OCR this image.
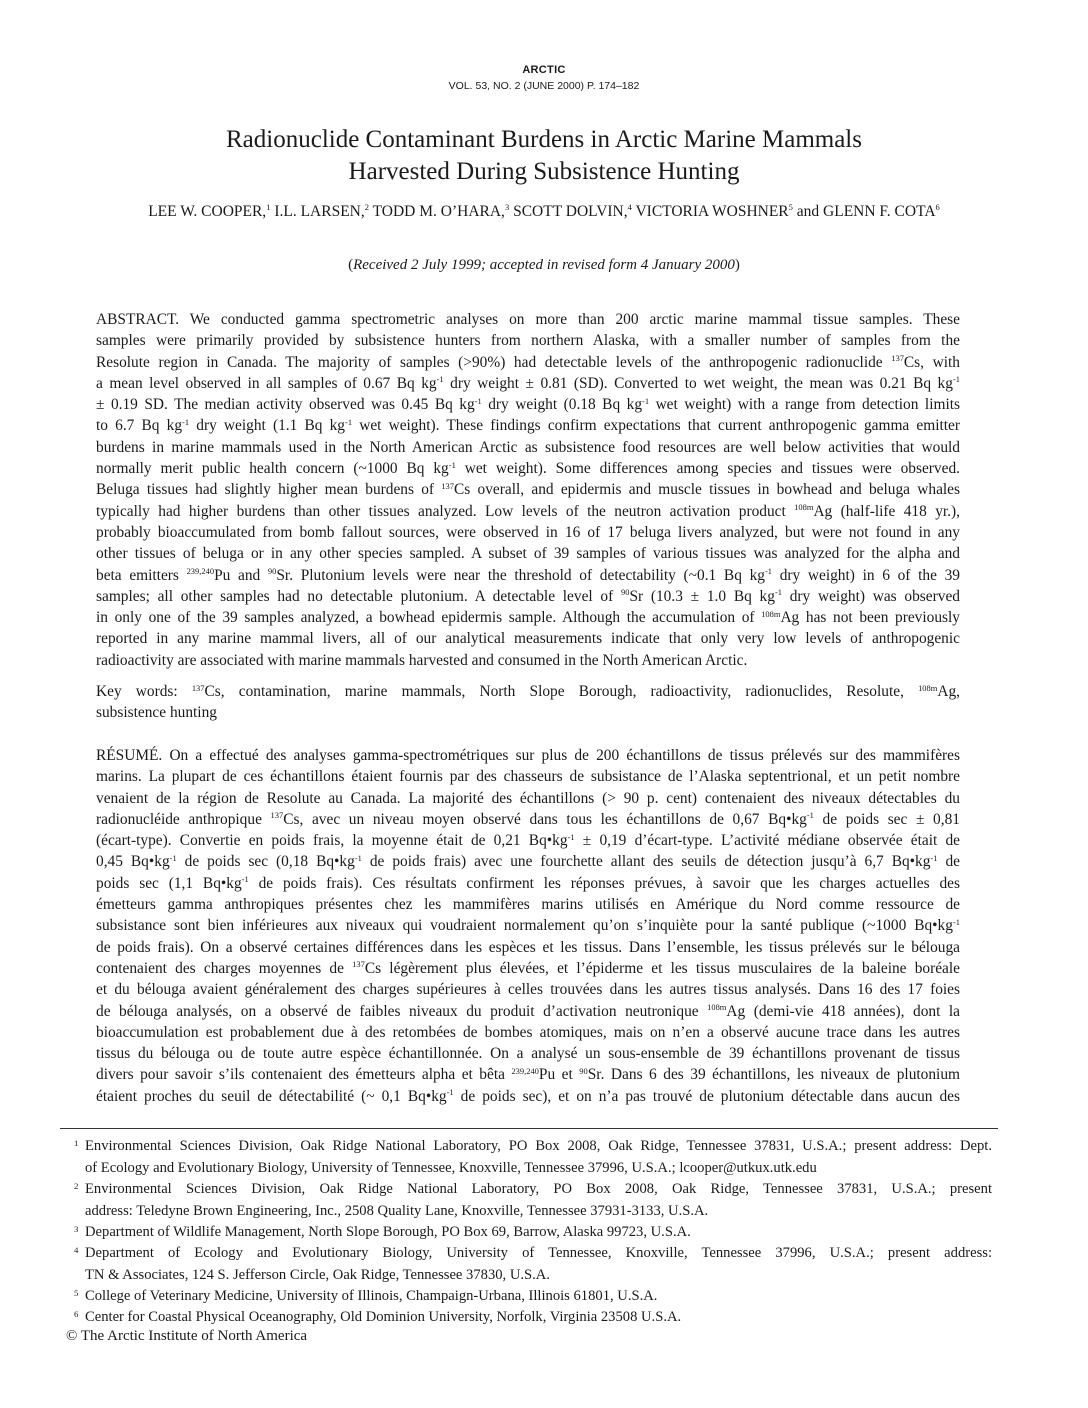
ARCTIC
VOL. 53, NO. 2 (JUNE 2000) P. 174–182
Radionuclide Contaminant Burdens in Arctic Marine Mammals
Harvested During Subsistence Hunting
LEE W. COOPER,$^1$ I.L. LARSEN,$^2$ TODD M. O’HARA,$^3$ SCOTT DOLVIN,$^4$ VICTORIA WOSHNER$^5$ and GLENN F. COTA$^6$
(Received 2 July 1999; accepted in revised form 4 January 2000)
ABSTRACT. We conducted gamma spectrometric analyses on more than 200 arctic marine mammal tissue samples. These
samples were primarily provided by subsistence hunters from northern Alaska, with a smaller number of samples from the
Resolute region in Canada. The majority of samples (>90%) had detectable levels of the anthropogenic radionuclide $^{137}$Cs, with
a mean level observed in all samples of 0.67 Bq $kg^{-1}$ dry weight ± 0.81 (SD). Converted to wet weight, the mean was 0.21 Bq $kg^{-1}$
± 0.19 SD. The median activity observed was 0.45 Bq $kg^{-1}$ dry weight (0.18 Bq $kg^{-1}$ wet weight) with a range from detection limits
to 6.7 Bq $kg^{-1}$ dry weight (1.1 Bq $kg^{-1}$ wet weight). These findings confirm expectations that current anthropogenic gamma emitter
burdens in marine mammals used in the North American Arctic as subsistence food resources are well below activities that would
normally merit public health concern (~1000 Bq $kg^{-1}$ wet weight). Some differences among species and tissues were observed.
Beluga tissues had slightly higher mean burdens of $^{137}$Cs overall, and epidermis and muscle tissues in bowhead and beluga whales
typically had higher burdens than other tissues analyzed. Low levels of the neutron activation product $^{108m}$Ag (half-life 418 yr.),
probably bioaccumulated from bomb fallout sources, were observed in 16 of 17 beluga livers analyzed, but were not found in any
other tissues of beluga or in any other species sampled. A subset of 39 samples of various tissues was analyzed for the alpha and
beta emitters $^{239,240}$Pu and $^{90}$Sr. Plutonium levels were near the threshold of detectability (~0.1 Bq $kg^{-1}$ dry weight) in 6 of the 39
samples; all other samples had no detectable plutonium. A detectable level of $^{90}$Sr (10.3 ± 1.0 Bq $kg^{-1}$ dry weight) was observed
in only one of the 39 samples analyzed, a bowhead epidermis sample. Although the accumulation of $^{108m}$Ag has not been previously
reported in any marine mammal livers, all of our analytical measurements indicate that only very low levels of anthropogenic
radioactivity are associated with marine mammals harvested and consumed in the North American Arctic.
Key words: $^{137}$Cs, contamination, marine mammals, North Slope Borough, radioactivity, radionuclides, Resolute, $^{108m}$Ag,
subsistence hunting
RÉSUMÉ. On a effectué des analyses gamma-spectrométriques sur plus de 200 échantillons de tissus prélevés sur des mammifères
marins. La plupart de ces échantillons étaient fournis par des chasseurs de subsistance de l’Alaska septentrional, et un petit nombre
venaient de la région de Resolute au Canada. La majorité des échantillons (> 90 p. cent) contenaient des niveaux détectables du
radionucléide anthropique $^{137}$Cs, avec un niveau moyen observé dans tous les échantillons de 0,67 $Bq•kg^{-1}$ de poids sec ± 0,81
(écart-type). Convertie en poids frais, la moyenne était de 0,21 $Bq•kg^{-1} \pm 0,19$ d’écart-type. L’activité médiane observée était de
0,45 $Bq•kg^{-1}$ de poids sec (0,18 $Bq•kg^{-1}$ de poids frais) avec une fourchette allant des seuils de détection jusqu’à 6,7 $Bq•kg^{-1}$ de
poids sec (1,1 $Bq•kg^{-1}$ de poids frais). Ces résultats confirment les réponses prévues, à savoir que les charges actuelles des
émetteurs gamma anthropiques présentes chez les mammifères marins utilisés en Amérique du Nord comme ressource de
subsistance sont bien inférieures aux niveaux qui voudraient normalement qu’on s’inquiète pour la santé publique (~1000 $Bq•kg^{-1}$
de poids frais). On a observé certaines différences dans les espèces et les tissus. Dans l’ensemble, les tissus prélevés sur le bélouga
contenaient des charges moyennes de $^{137}$Cs légèrement plus élevées, et l’épiderme et les tissus musculaires de la baleine boréale
et du bélouga avaient généralement des charges supérieures à celles trouvées dans les autres tissus analysés. Dans 16 des 17 foies
de bélouga analysés, on a observé de faibles niveaux du produit d’activation neutronique $^{108m}$Ag (demi-vie 418 années), dont la
bioaccumulation est probablement due à des retombées de bombes atomiques, mais on n’en a observé aucune trace dans les autres
tissus du bélouga ou de toute autre espèce échantillonnée. On a analysé un sous-ensemble de 39 échantillons provenant de tissus
divers pour savoir s’ils contenaient des émetteurs alpha et bêta $^{239,240}$Pu et $^{90}$Sr. Dans 6 des 39 échantillons, les niveaux de plutonium
étaient proches du seuil de détectabilité (~ 0,1 $Bq•kg^{-1}$ de poids sec), et on n’a pas trouvé de plutonium détectable dans aucun des
1 Environmental Sciences Division, Oak Ridge National Laboratory, PO Box 2008, Oak Ridge, Tennessee 37831, U.S.A.; present address: Dept.
of Ecology and Evolutionary Biology, University of Tennessee, Knoxville, Tennessee 37996, U.S.A.; lcooper@utkux.utk.edu
2 Environmental Sciences Division, Oak Ridge National Laboratory, PO Box 2008, Oak Ridge, Tennessee 37831, U.S.A.; present
address: Teledyne Brown Engineering, Inc., 2508 Quality Lane, Knoxville, Tennessee 37931-3133, U.S.A.
3 Department of Wildlife Management, North Slope Borough, PO Box 69, Barrow, Alaska 99723, U.S.A.
4 Department of Ecology and Evolutionary Biology, University of Tennessee, Knoxville, Tennessee 37996, U.S.A.; present address:
TN & Associates, 124 S. Jefferson Circle, Oak Ridge, Tennessee 37830, U.S.A.
5 College of Veterinary Medicine, University of Illinois, Champaign-Urbana, Illinois 61801, U.S.A.
6 Center for Coastal Physical Oceanography, Old Dominion University, Norfolk, Virginia 23508 U.S.A.
© The Arctic Institute of North America
